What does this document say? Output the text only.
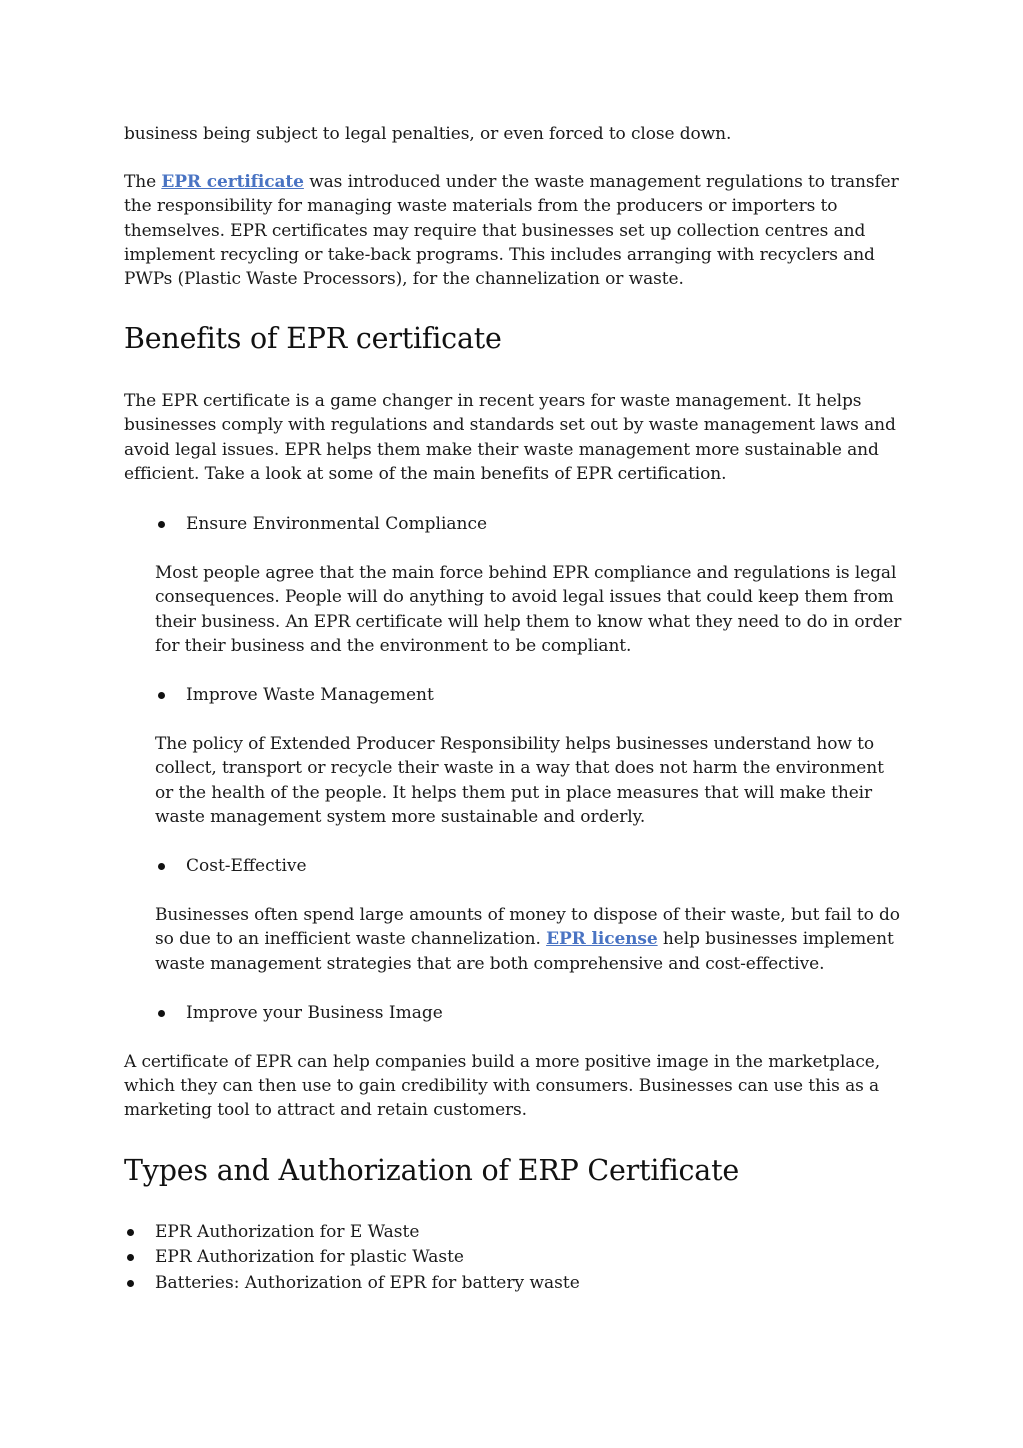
business being subject to legal penalties, or even forced to close down.

The EPR certificate was introduced under the waste management regulations to transfer the responsibility for managing waste materials from the producers or importers to themselves. EPR certificates may require that businesses set up collection centres and implement recycling or take-back programs. This includes arranging with recyclers and PWPs (Plastic Waste Processors), for the channelization or waste.

Benefits of EPR certificate

The EPR certificate is a game changer in recent years for waste management. It helps businesses comply with regulations and standards set out by waste management laws and avoid legal issues. EPR helps them make their waste management more sustainable and efficient. Take a look at some of the main benefits of EPR certification.

Ensure Environmental Compliance

Most people agree that the main force behind EPR compliance and regulations is legal consequences. People will do anything to avoid legal issues that could keep them from their business. An EPR certificate will help them to know what they need to do in order for their business and the environment to be compliant.

Improve Waste Management

The policy of Extended Producer Responsibility helps businesses understand how to collect, transport or recycle their waste in a way that does not harm the environment or the health of the people. It helps them put in place measures that will make their waste management system more sustainable and orderly.

Cost-Effective

Businesses often spend large amounts of money to dispose of their waste, but fail to do so due to an inefficient waste channelization. EPR license help businesses implement waste management strategies that are both comprehensive and cost-effective.

Improve your Business Image

A certificate of EPR can help companies build a more positive image in the marketplace, which they can then use to gain credibility with consumers. Businesses can use this as a marketing tool to attract and retain customers.

Types and Authorization of ERP Certificate
EPR Authorization for E Waste
EPR Authorization for plastic Waste
Batteries: Authorization of EPR for battery waste
